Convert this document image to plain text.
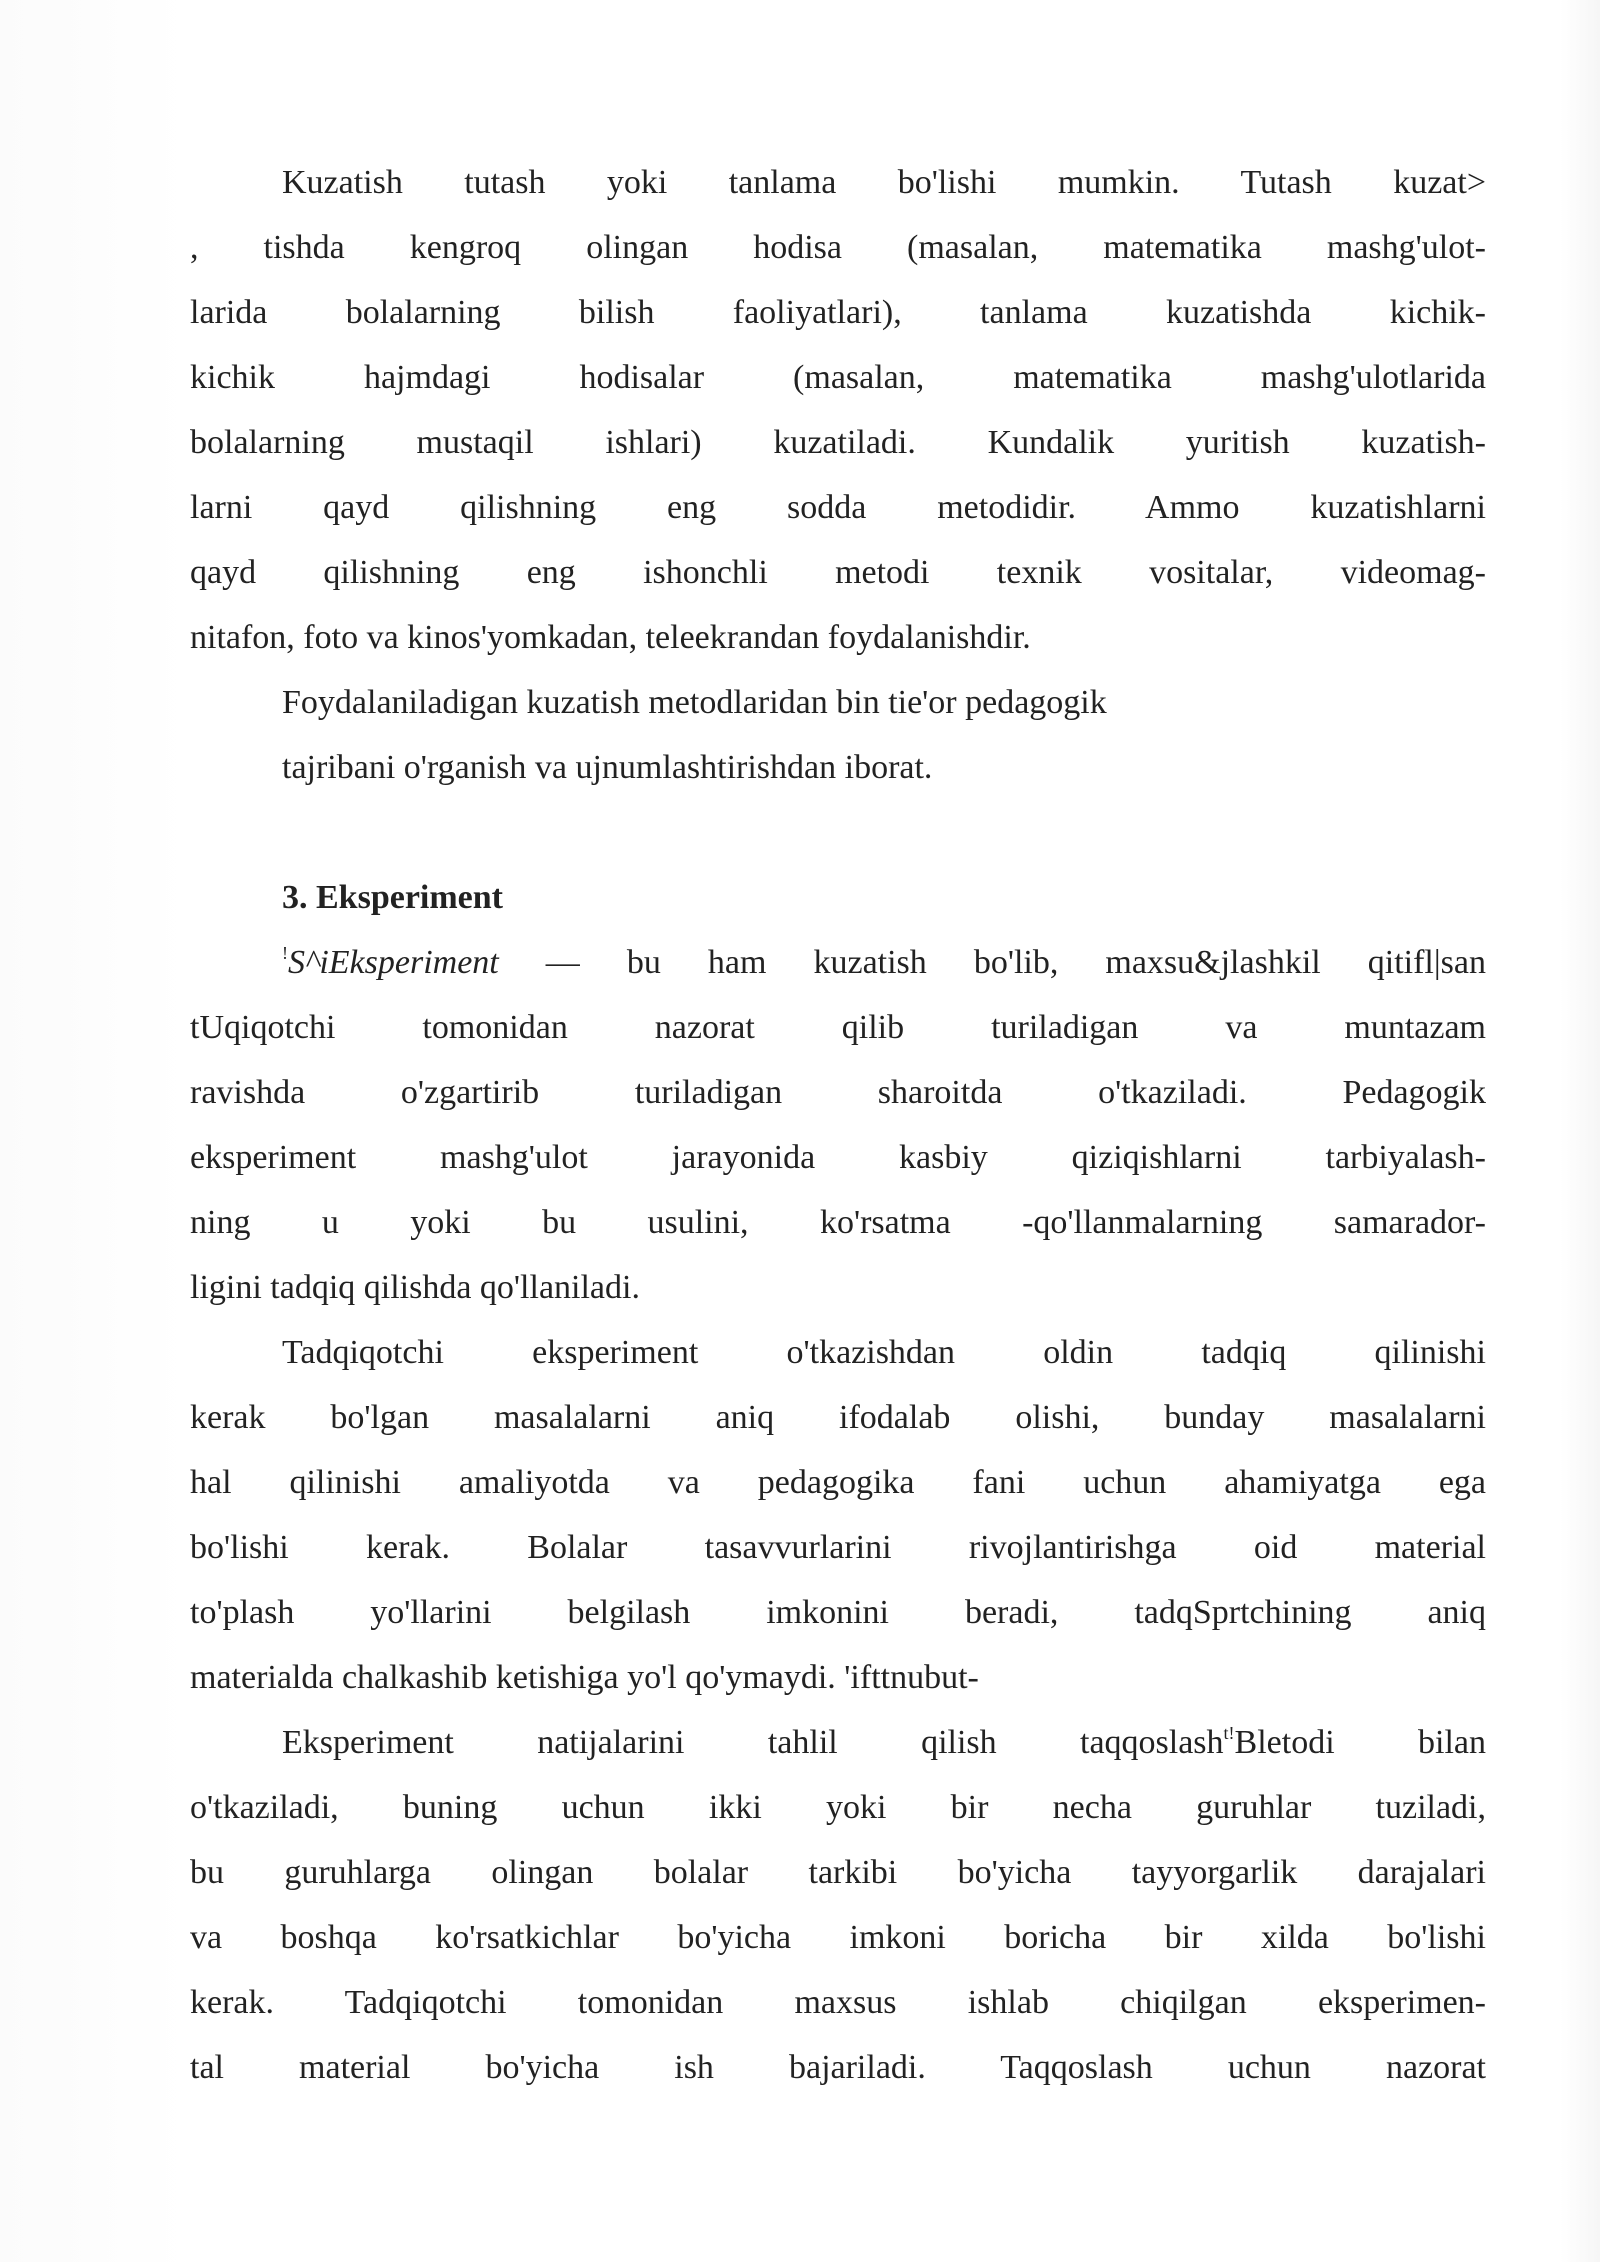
Kuzatish tutash yoki tanlama bo'lishi mumkin. Tutash kuzat>
, tishda kengroq olingan hodisa (masalan, matematika mashg'ulot-
larida bolalarning bilish faoliyatlari), tanlama kuzatishda kichik-
kichik hajmdagi hodisalar (masalan, matematika mashg'ulotlarida
bolalarning mustaqil ishlari) kuzatiladi. Kundalik yuritish kuzatish-
larni qayd qilishning eng sodda metodidir. Ammo kuzatishlarni
qayd qilishning eng ishonchli metodi texnik vositalar, videomag-
nitafon, foto va kinos'yomkadan, teleekrandan foydalanishdir.
Foydalaniladigan kuzatish metodlaridan bin tie'or pedagogik
tajribani o'rganish va ujnumlashtirishdan iborat.
3. Eksperiment
!S^iEksperiment — bu ham kuzatish bo'lib, maxsu&jlashkil qitifl|san
tUqiqotchi tomonidan nazorat qilib turiladigan va muntazam
ravishda o'zgartirib turiladigan sharoitda o'tkaziladi. Pedagogik
eksperiment mashg'ulot jarayonida kasbiy qiziqishlarni tarbiyalash-
ning u yoki bu usulini, ko'rsatma -qo'llanmalarning samarador-
ligini tadqiq qilishda qo'llaniladi.
Tadqiqotchi eksperiment o'tkazishdan oldin tadqiq qilinishi
kerak bo'lgan masalalarni aniq ifodalab olishi, bunday masalalarni
hal qilinishi amaliyotda va pedagogika fani uchun ahamiyatga ega
bo'lishi kerak. Bolalar tasavvurlarini rivojlantirishga oid material
to'plash yo'llarini belgilash imkonini beradi, tadqSprtchining aniq
materialda chalkashib ketishiga yo'l qo'ymaydi. 'ifttnubut-
Eksperiment natijalarini tahlil qilish taqqoslash$^{t!}$Bletodi bilan
o'tkaziladi, buning uchun ikki yoki bir necha guruhlar tuziladi,
bu guruhlarga olingan bolalar tarkibi bo'yicha tayyorgarlik darajalari
va boshqa ko'rsatkichlar bo'yicha imkoni boricha bir xilda bo'lishi
kerak. Tadqiqotchi tomonidan maxsus ishlab chiqilgan eksperimen-
tal material bo'yicha ish bajariladi. Taqqoslash uchun nazorat
